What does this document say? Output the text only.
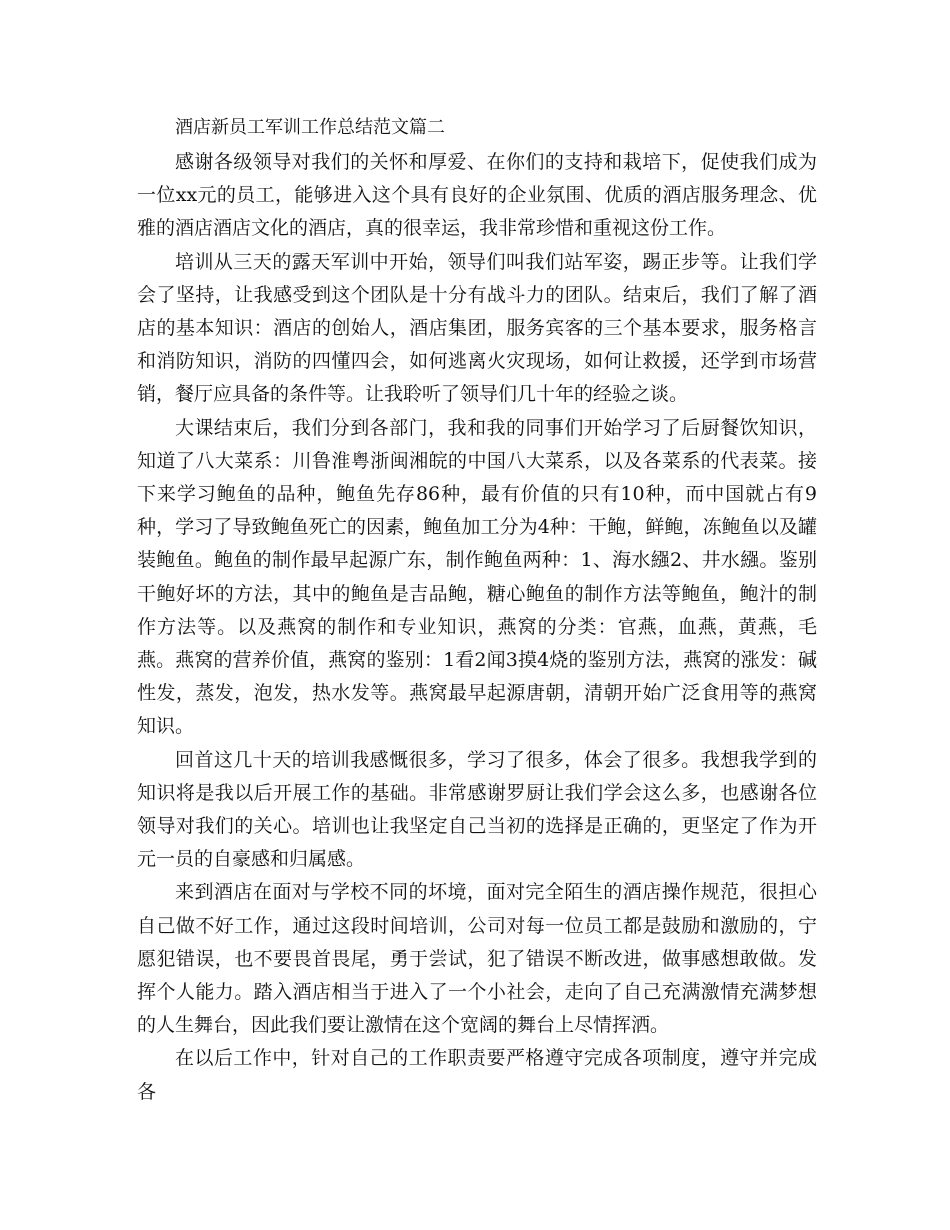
酒店新员工军训工作总结范文篇二

感谢各级领导对我们的关怀和厚爱、在你们的支持和栽培下，促使我们成为一位xx元的员工，能够进入这个具有良好的企业氛围、优质的酒店服务理念、优雅的酒店酒店文化的酒店，真的很幸运，我非常珍惜和重视这份工作。

培训从三天的露天军训中开始，领导们叫我们站军姿，踢正步等。让我们学会了坚持，让我感受到这个团队是十分有战斗力的团队。结束后，我们了解了酒店的基本知识：酒店的创始人，酒店集团，服务宾客的三个基本要求，服务格言和消防知识，消防的四懂四会，如何逃离火灾现场，如何让救援，还学到市场营销，餐厅应具备的条件等。让我聆听了领导们几十年的经验之谈。

大课结束后，我们分到各部门，我和我的同事们开始学习了后厨餐饮知识，知道了八大菜系：川鲁淮粤浙闽湘皖的中国八大菜系，以及各菜系的代表菜。接下来学习鲍鱼的品种，鲍鱼先存86种，最有价值的只有10种，而中国就占有9种，学习了导致鲍鱼死亡的因素，鲍鱼加工分为4种：干鲍，鲜鲍，冻鲍鱼以及罐装鲍鱼。鲍鱼的制作最早起源广东，制作鲍鱼两种：1、海水繦2、井水繦。鉴别干鲍好坏的方法，其中的鲍鱼是吉品鲍，糖心鲍鱼的制作方法等鲍鱼，鲍汁的制作方法等。以及燕窝的制作和专业知识，燕窝的分类：官燕，血燕，黄燕，毛燕。燕窝的营养价值，燕窝的鉴别：1看2闻3摸4烧的鉴别方法，燕窝的涨发：碱性发，蒸发，泡发，热水发等。燕窝最早起源唐朝，清朝开始广泛食用等的燕窝知识。

回首这几十天的培训我感慨很多，学习了很多，体会了很多。我想我学到的知识将是我以后开展工作的基础。非常感谢罗厨让我们学会这么多，也感谢各位领导对我们的关心。培训也让我坚定自己当初的选择是正确的，更坚定了作为开元一员的自豪感和归属感。

来到酒店在面对与学校不同的坏境，面对完全陌生的酒店操作规范，很担心自己做不好工作，通过这段时间培训，公司对每一位员工都是鼓励和激励的，宁愿犯错误，也不要畏首畏尾，勇于尝试，犯了错误不断改进，做事感想敢做。发挥个人能力。踏入酒店相当于进入了一个小社会，走向了自己充满激情充满梦想的人生舞台，因此我们要让激情在这个宽阔的舞台上尽情挥洒。

在以后工作中，针对自己的工作职责要严格遵守完成各项制度，遵守并完成各
